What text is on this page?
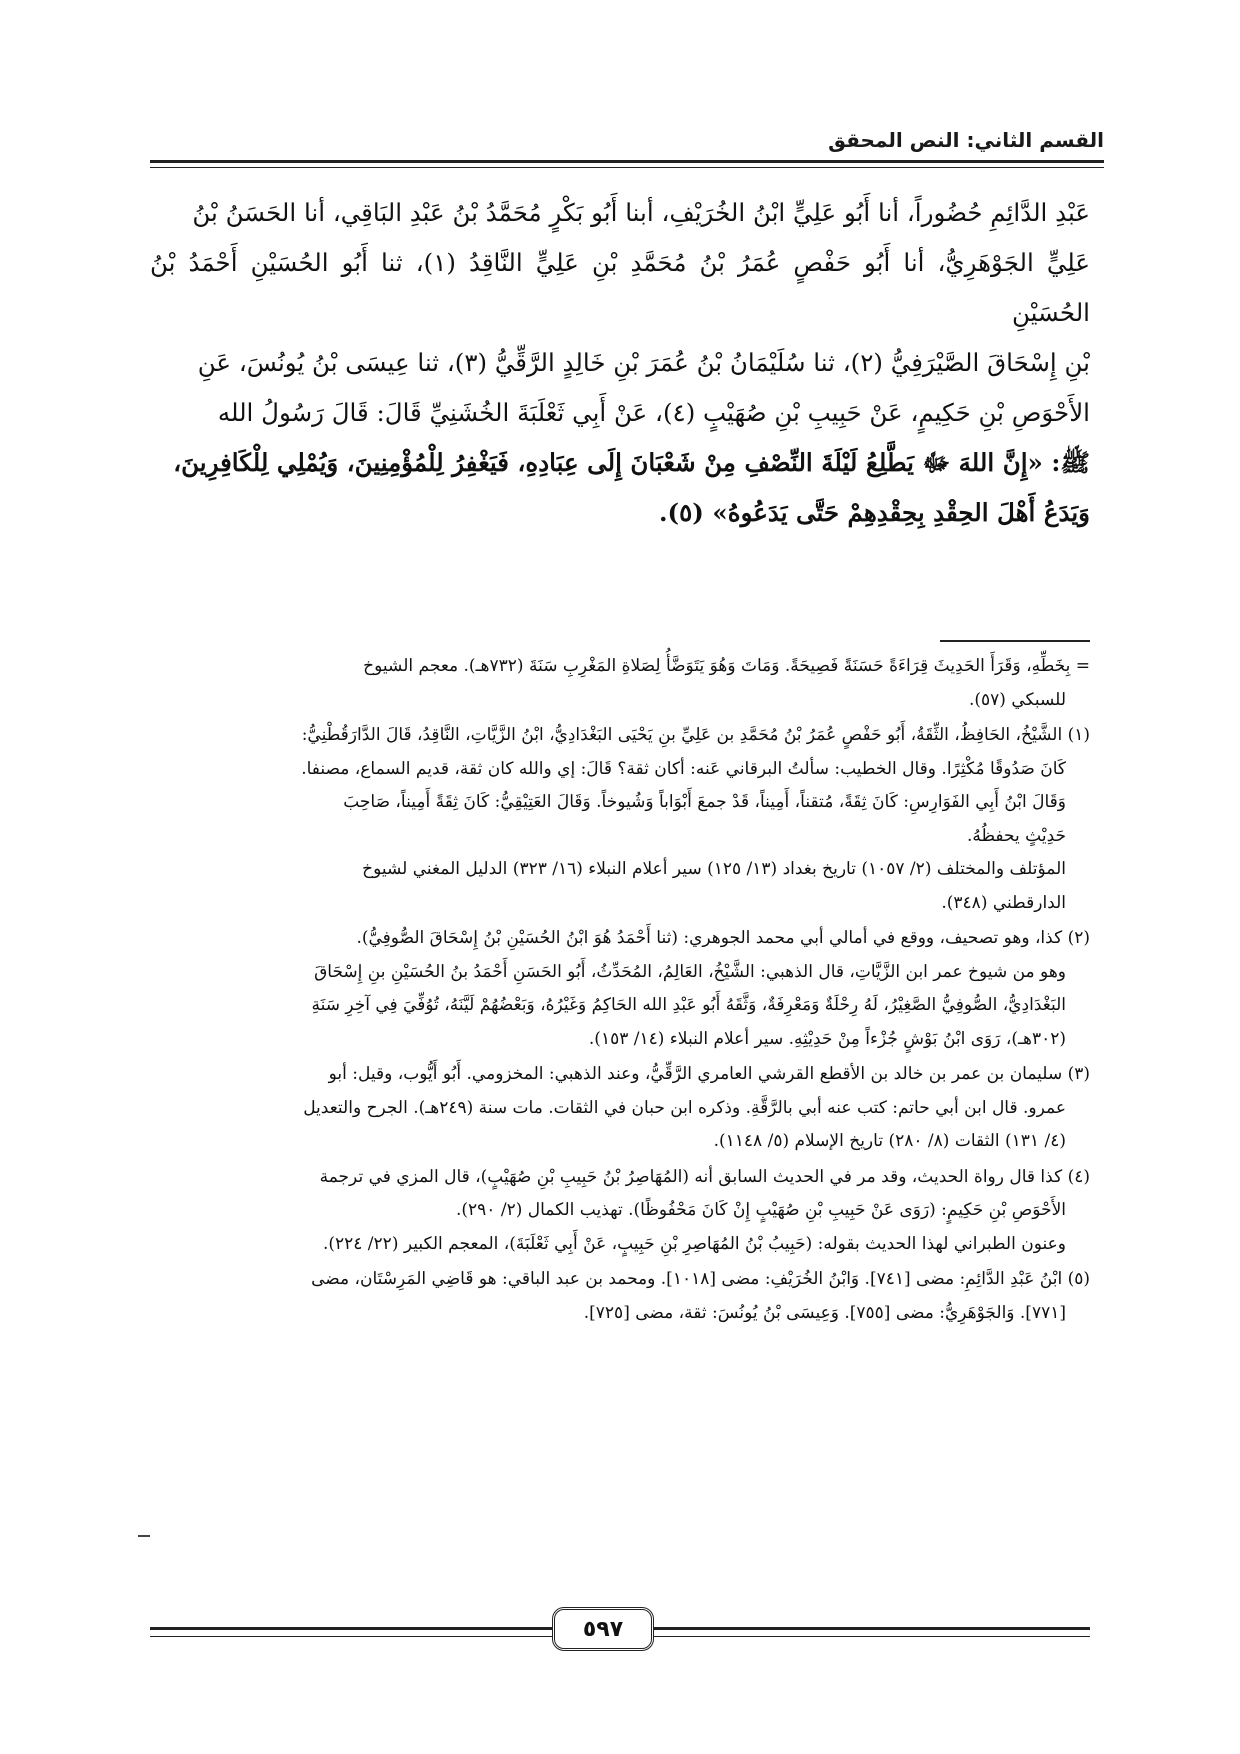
القسم الثاني: النص المحقق

عَبْدِ الدَّائِمِ حُضُوراً، أنا أَبُو عَلِيٍّ ابْنُ الخُرَيْفِ، أبنا أَبُو بَكْرٍ مُحَمَّدُ بْنُ عَبْدِ البَاقِي، أنا الحَسَنُ بْنُ

عَلِيٍّ الجَوْهَرِيُّ، أنا أَبُو حَفْصٍ عُمَرُ بْنُ مُحَمَّدِ بْنِ عَلِيٍّ النَّاقِدُ (١)، ثنا أَبُو الحُسَيْنِ أَحْمَدُ بْنُ الحُسَيْنِ

بْنِ إِسْحَاقَ الصَّيْرَفِيُّ (٢)، ثنا سُلَيْمَانُ بْنُ عُمَرَ بْنِ خَالِدٍ الرَّقِّيُّ (٣)، ثنا عِيسَى بْنُ يُونُسَ، عَنِ

الأَحْوَصِ بْنِ حَكِيمٍ، عَنْ حَبِيبِ بْنِ صُهَيْبٍ (٤)، عَنْ أَبِي ثَعْلَبَةَ الخُشَنِيِّ قَالَ: قَالَ رَسُولُ الله

ﷺ: «إِنَّ اللهَ ﷻ يَطَّلِعُ لَيْلَةَ النِّصْفِ مِنْ شَعْبَانَ إِلَى عِبَادِهِ، فَيَغْفِرُ لِلْمُؤْمِنِينَ، وَيُمْلِي لِلْكَافِرِينَ،

وَيَدَعُ أَهْلَ الحِقْدِ بِحِقْدِهِمْ حَتَّى يَدَعُوهُ» (٥).

= بِخَطِّهِ، وَقَرَأَ الحَدِيثَ قِرَاءَةً حَسَنَةً فَصِيحَةً. وَمَاتَ وَهُوَ يَتَوَضَّأُ لِصَلاةِ المَغْرِبِ سَنَةَ (٧٣٢هـ). معجم الشيوخ

للسبكي (٥٧).

(١) الشَّيْخُ، الحَافِظُ، الثِّقَةُ، أَبُو حَفْصٍ عُمَرُ بْنُ مُحَمَّدِ بن عَلِيِّ بنِ يَحْيَى البَغْدَادِيُّ، ابْنُ الزَّيَّاتِ، النَّاقِدُ، قَالَ الدَّارَقُطْنِيُّ:

كَانَ صَدُوقًا مُكْثِرًا. وقال الخطيب: سألتُ البرقاني عَنه: أكان ثقة؟ قَالَ: إي والله كان ثقة، قديم السماع، مصنفا.

وَقَالَ ابْنُ أَبِي الفَوَارِسِ: كَانَ ثِقَةً، مُتقناً، أَمِيناً، قَدْ جمعَ أَبْوَاباً وَشُيوخاً. وَقَالَ العَتِيْقِيُّ: كَانَ ثِقَةً أَمِيناً، صَاحِبَ

حَدِيْثٍ يحفظُهُ.

المؤتلف والمختلف (٢/ ١٠٥٧) تاريخ بغداد (١٣/ ١٢٥) سير أعلام النبلاء (١٦/ ٣٢٣) الدليل المغني لشيوخ

الدارقطني (٣٤٨).

(٢) كذا، وهو تصحيف، ووقع في أمالي أبي محمد الجوهري: (ثنا أَحْمَدُ هُوَ ابْنُ الحُسَيْنِ بْنُ إِسْحَاقَ الصُّوفِيُّ).

وهو من شيوخ عمر ابن الزَّيَّاتِ، قال الذهبي: الشَّيْخُ، العَالِمُ، المُحَدِّثُ، أَبُو الحَسَنِ أَحْمَدُ بنُ الحُسَيْنِ بنِ إِسْحَاقَ

البَغْدَادِيُّ، الصُّوفِيُّ الصَّغِيْرُ، لَهُ رِحْلَةٌ وَمَعْرِفَةٌ، وَثَّقَهُ أَبُو عَبْدِ الله الحَاكِمُ وَغَيْرُهُ، وَبَعْضُهُمْ لَيَّنَهُ، تُوُفِّيَ فِي آخِرِ سَنَةِ

(٣٠٢هـ)، رَوَى ابْنُ بَوْشٍ جُزْءاً مِنْ حَدِيْثِهِ. سير أعلام النبلاء (١٤/ ١٥٣).

(٣) سليمان بن عمر بن خالد بن الأقطع القرشي العامري الرَّقِّيُّ، وعند الذهبي: المخزومي. أَبُو أَيُّوب، وقيل: أبو

عمرو. قال ابن أبي حاتم: كتب عنه أبي بالرَّقَّةِ. وذكره ابن حبان في الثقات. مات سنة (٢٤٩هـ). الجرح والتعديل

(٤/ ١٣١) الثقات (٨/ ٢٨٠) تاريخ الإسلام (٥/ ١١٤٨).

(٤) كذا قال رواة الحديث، وقد مر في الحديث السابق أنه (المُهَاصِرُ بْنُ حَبِيبِ بْنِ صُهَيْبٍ)، قال المزي في ترجمة

الأَحْوَصِ بْنِ حَكِيمٍ: (رَوَى عَنْ حَبِيبِ بْنِ صُهَيْبٍ إِنْ كَانَ مَحْفُوظًا). تهذيب الكمال (٢/ ٢٩٠).

وعنون الطبراني لهذا الحديث بقوله: (حَبِيبُ بْنُ المُهَاصِرِ بْنِ حَبِيبٍ، عَنْ أَبِي ثَعْلَبَةَ)، المعجم الكبير (٢٢/ ٢٢٤).

(٥) ابْنُ عَبْدِ الدَّائِمِ: مضى [٧٤١]. وَابْنُ الخُرَيْفِ: مضى [١٠١٨]. ومحمد بن عبد الباقي: هو قَاضِي المَرِسْتَان، مضى

[٧٧١]. وَالجَوْهَرِيُّ: مضى [٧٥٥]. وَعِيسَى بْنُ يُونُسَ: ثقة، مضى [٧٢٥].

٥٩٧
